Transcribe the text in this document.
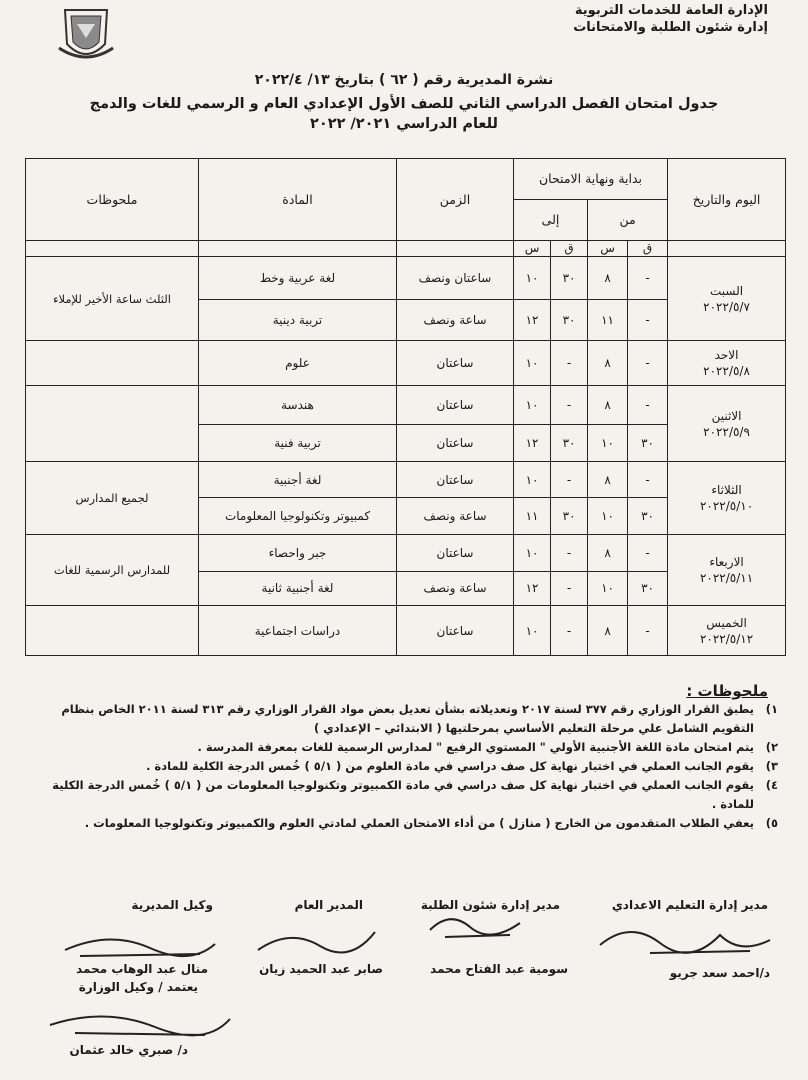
الإدارة العامة للخدمات التربوية
إدارة شئون الطلبة والامتحانات
نشرة المديرية رقم ( ٦٢ ) بتاريخ ١٣/ ٢٠٢٢/٤
جدول امتحان الفصل الدراسي الثاني للصف الأول الإعدادي العام و الرسمي للغات والدمج
للعام الدراسي ٢٠٢١/ ٢٠٢٢
اليوم والتاريخ	بداية ونهاية الامتحان				الزمن	المادة	ملحوظات
	من		إلى				
	ق	س	ق	س			

السبت
٢٠٢٢/٥/٧	-	٨	٣٠	١٠	ساعتان ونصف	لغة عربية وخط	الثلث ساعة الأخير للإملاء
	-	١١	٣٠	١٢	ساعة ونصف	تربية دينية	

الاحد
٢٠٢٢/٥/٨	-	٨	-	١٠	ساعتان	علوم	

الاثنين
٢٠٢٢/٥/٩	-	٨	-	١٠	ساعتان	هندسة	
	٣٠	١٠	٣٠	١٢	ساعتان	تربية فنية	

الثلاثاء
٢٠٢٢/٥/١٠	-	٨	-	١٠	ساعتان	لغة أجنبية	لجميع المدارس
	٣٠	١٠	٣٠	١١	ساعة ونصف	كمبيوتر وتكنولوجيا المعلومات	

الاربعاء
٢٠٢٢/٥/١١	-	٨	-	١٠	ساعتان	جبر واحصاء	للمدارس الرسمية للغات
	٣٠	١٠	-	١٢	ساعة ونصف	لغة أجنبية ثانية	

الخميس
٢٠٢٢/٥/١٢	-	٨	-	١٠	ساعتان	دراسات اجتماعية	
ملحوظات :

١)
يطبق القرار الوزاري رقم ٣٧٧ لسنة ٢٠١٧ وتعديلاته بشأن تعديل بعض مواد القرار الوزاري رقم ٣١٣ لسنة ٢٠١١ الخاص بنظام التقويم الشامل علي مرحلة التعليم الأساسي بمرحلتيها ( الابتدائي – الإعدادي )

٢)
يتم امتحان مادة اللغة الأجنبية الأولي " المستوي الرفيع " لمدارس الرسمية للغات بمعرفة المدرسة .

٣)
يقوم الجانب العملي في اختبار نهاية كل صف دراسي في مادة العلوم من ( ٥/١ ) خُمس الدرجة الكلية للمادة .

٤)
يقوم الجانب العملي في اختبار نهاية كل صف دراسي في مادة الكمبيوتر وتكنولوجيا المعلومات من ( ٥/١ ) خُمس الدرجة الكلية للمادة .

٥)
يعفي الطلاب المتقدمون من الخارج ( منازل ) من أداء الامتحان العملي لمادتي العلوم والكمبيوتر وتكنولوجيا المعلومات .

مدير إدارة التعليم الاعدادي
مدير إدارة شئون الطلبة
المدير العام
وكيل المديرية
د/احمد سعد جريو
سومية عبد الفتاح محمد
صابر عبد الحميد زيان
منال عبد الوهاب محمد
يعتمد / وكيل الوزارة
د/ صبري خالد عثمان
